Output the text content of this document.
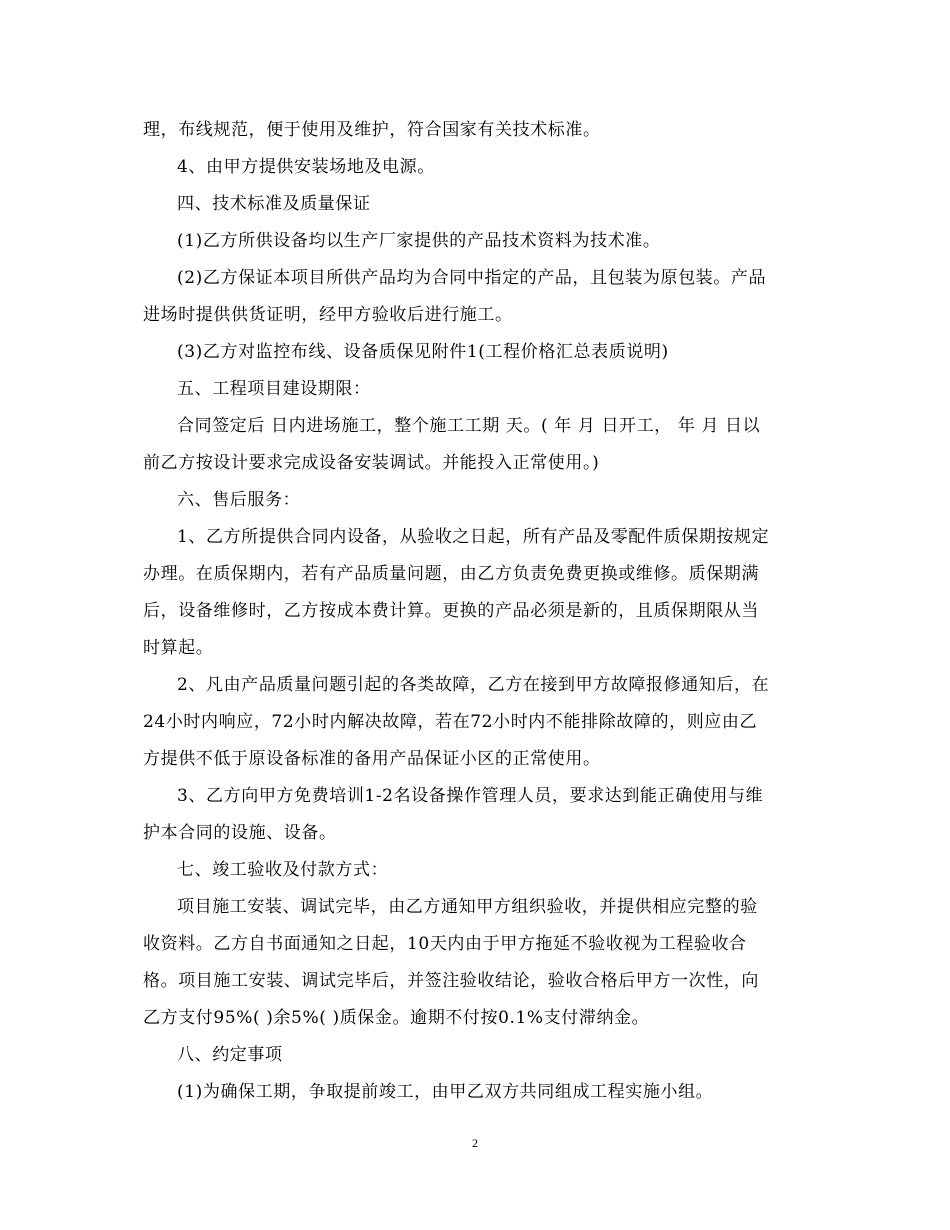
理，布线规范，便于使用及维护，符合国家有关技术标准。
4、由甲方提供安装场地及电源。
四、技术标准及质量保证
(1)乙方所供设备均以生产厂家提供的产品技术资料为技术准。
(2)乙方保证本项目所供产品均为合同中指定的产品，且包装为原包装。产品
进场时提供供货证明，经甲方验收后进行施工。
(3)乙方对监控布线、设备质保见附件1(工程价格汇总表质说明)
五、工程项目建设期限：
合同签定后 日内进场施工，整个施工工期 天。( 年 月 日开工， 年 月 日以
前乙方按设计要求完成设备安装调试。并能投入正常使用。)
六、售后服务：
1、乙方所提供合同内设备，从验收之日起，所有产品及零配件质保期按规定
办理。在质保期内，若有产品质量问题，由乙方负责免费更换或维修。质保期满
后，设备维修时，乙方按成本费计算。更换的产品必须是新的，且质保期限从当
时算起。
2、凡由产品质量问题引起的各类故障，乙方在接到甲方故障报修通知后，在
24小时内响应，72小时内解决故障，若在72小时内不能排除故障的，则应由乙
方提供不低于原设备标准的备用产品保证小区的正常使用。
3、乙方向甲方免费培训1-2名设备操作管理人员，要求达到能正确使用与维
护本合同的设施、设备。
七、竣工验收及付款方式：
项目施工安装、调试完毕，由乙方通知甲方组织验收，并提供相应完整的验
收资料。乙方自书面通知之日起，10天内由于甲方拖延不验收视为工程验收合
格。项目施工安装、调试完毕后，并签注验收结论，验收合格后甲方一次性，向
乙方支付95%( )余5%( )质保金。逾期不付按0.1%支付滞纳金。
八、约定事项
(1)为确保工期，争取提前竣工，由甲乙双方共同组成工程实施小组。
2
